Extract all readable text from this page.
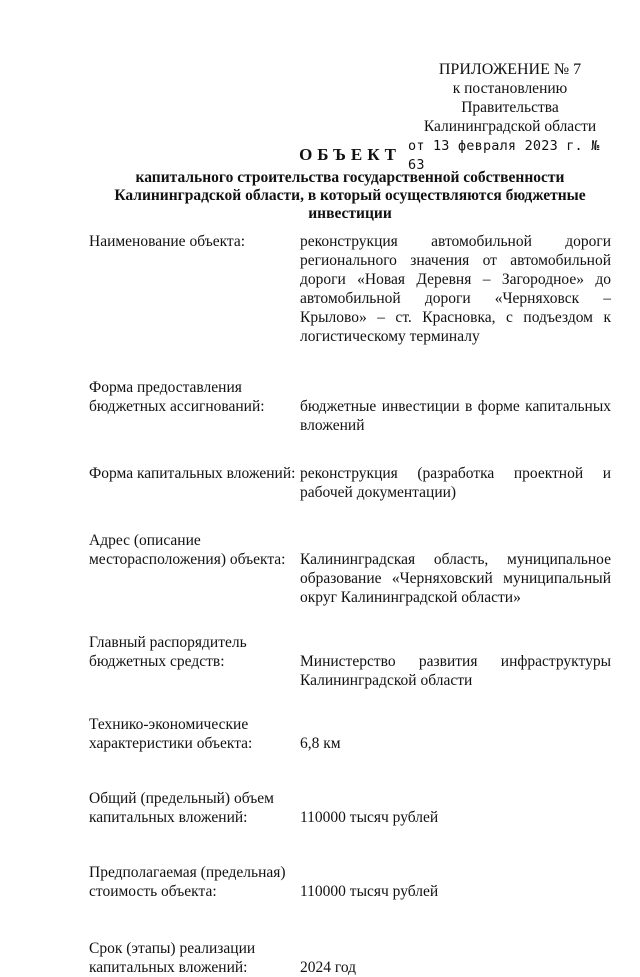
ПРИЛОЖЕНИЕ № 7
к постановлению Правительства
Калининградской области
от 13 февраля 2023 г. № 63
ОБЪЕКТ
капитального строительства государственной собственности
Калининградской области, в который осуществляются бюджетные
инвестиции
Наименование объекта:	реконструкция автомобильной дороги регионального значения от автомобильной дороги «Новая Деревня – Загородное» до автомобильной дороги «Черняховск – Крылово» – ст. Красновка, с подъездом к логистическому терминалу
Форма предоставления
бюджетных ассигнований:	бюджетные инвестиции в форме капитальных вложений
Форма капитальных вложений: реконструкция (разработка проектной и рабочей документации)
Адрес (описание
месторасположения) объекта: Калининградская область, муниципальное образование «Черняховский муниципальный округ Калининградской области»
Главный распорядитель
бюджетных средств:	Министерство развития инфраструктуры Калининградской области
Технико-экономические
характеристики объекта:	6,8 км
Общий (предельный) объем
капитальных вложений:	110000 тысяч рублей
Предполагаемая (предельная)
стоимость объекта:	110000 тысяч рублей
Срок (этапы) реализации
капитальных вложений:	2024 год
